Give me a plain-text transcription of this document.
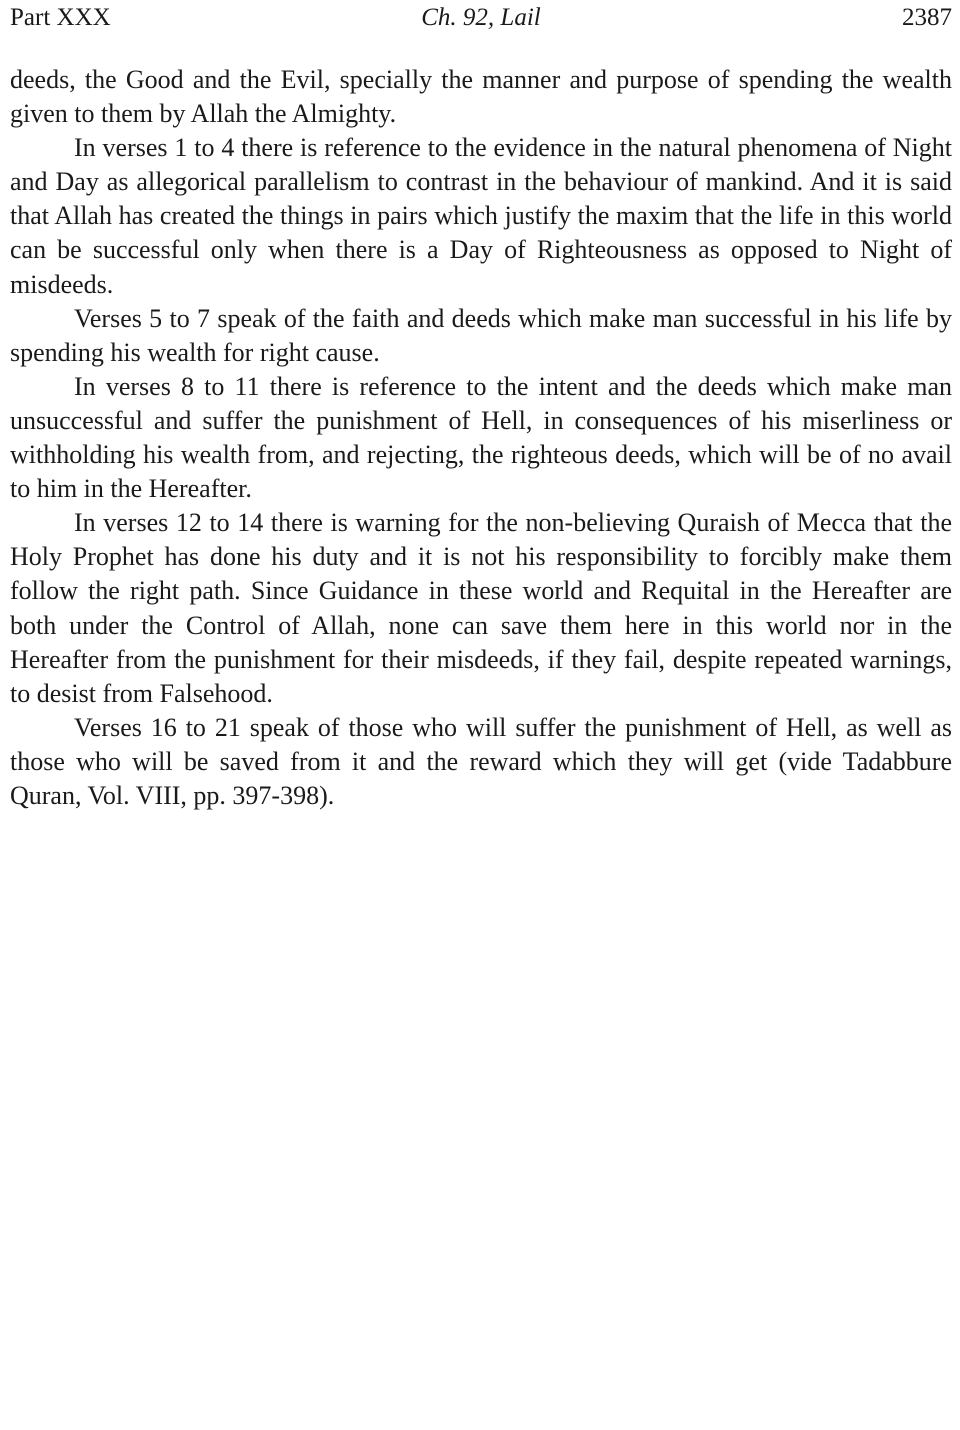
Part XXX	Ch. 92, Lail	2387

deeds, the Good and the Evil, specially the manner and purpose of spending the wealth given to them by Allah the Almighty.

In verses 1 to 4 there is reference to the evidence in the natural phenomena of Night and Day as allegorical parallelism to contrast in the behaviour of mankind. And it is said that Allah has created the things in pairs which justify the maxim that the life in this world can be successful only when there is a Day of Righteousness as opposed to Night of misdeeds.

Verses 5 to 7 speak of the faith and deeds which make man successful in his life by spending his wealth for right cause.

In verses 8 to 11 there is reference to the intent and the deeds which make man unsuccessful and suffer the punishment of Hell, in consequences of his miserliness or withholding his wealth from, and rejecting, the righteous deeds, which will be of no avail to him in the Hereafter.

In verses 12 to 14 there is warning for the non-believing Quraish of Mecca that the Holy Prophet has done his duty and it is not his responsibility to forcibly make them follow the right path. Since Guidance in these world and Requital in the Hereafter are both under the Control of Allah, none can save them here in this world nor in the Hereafter from the punishment for their misdeeds, if they fail, despite repeated warnings, to desist from Falsehood.

Verses 16 to 21 speak of those who will suffer the punishment of Hell, as well as those who will be saved from it and the reward which they will get (vide Tadabbure Quran, Vol. VIII, pp. 397-398).
